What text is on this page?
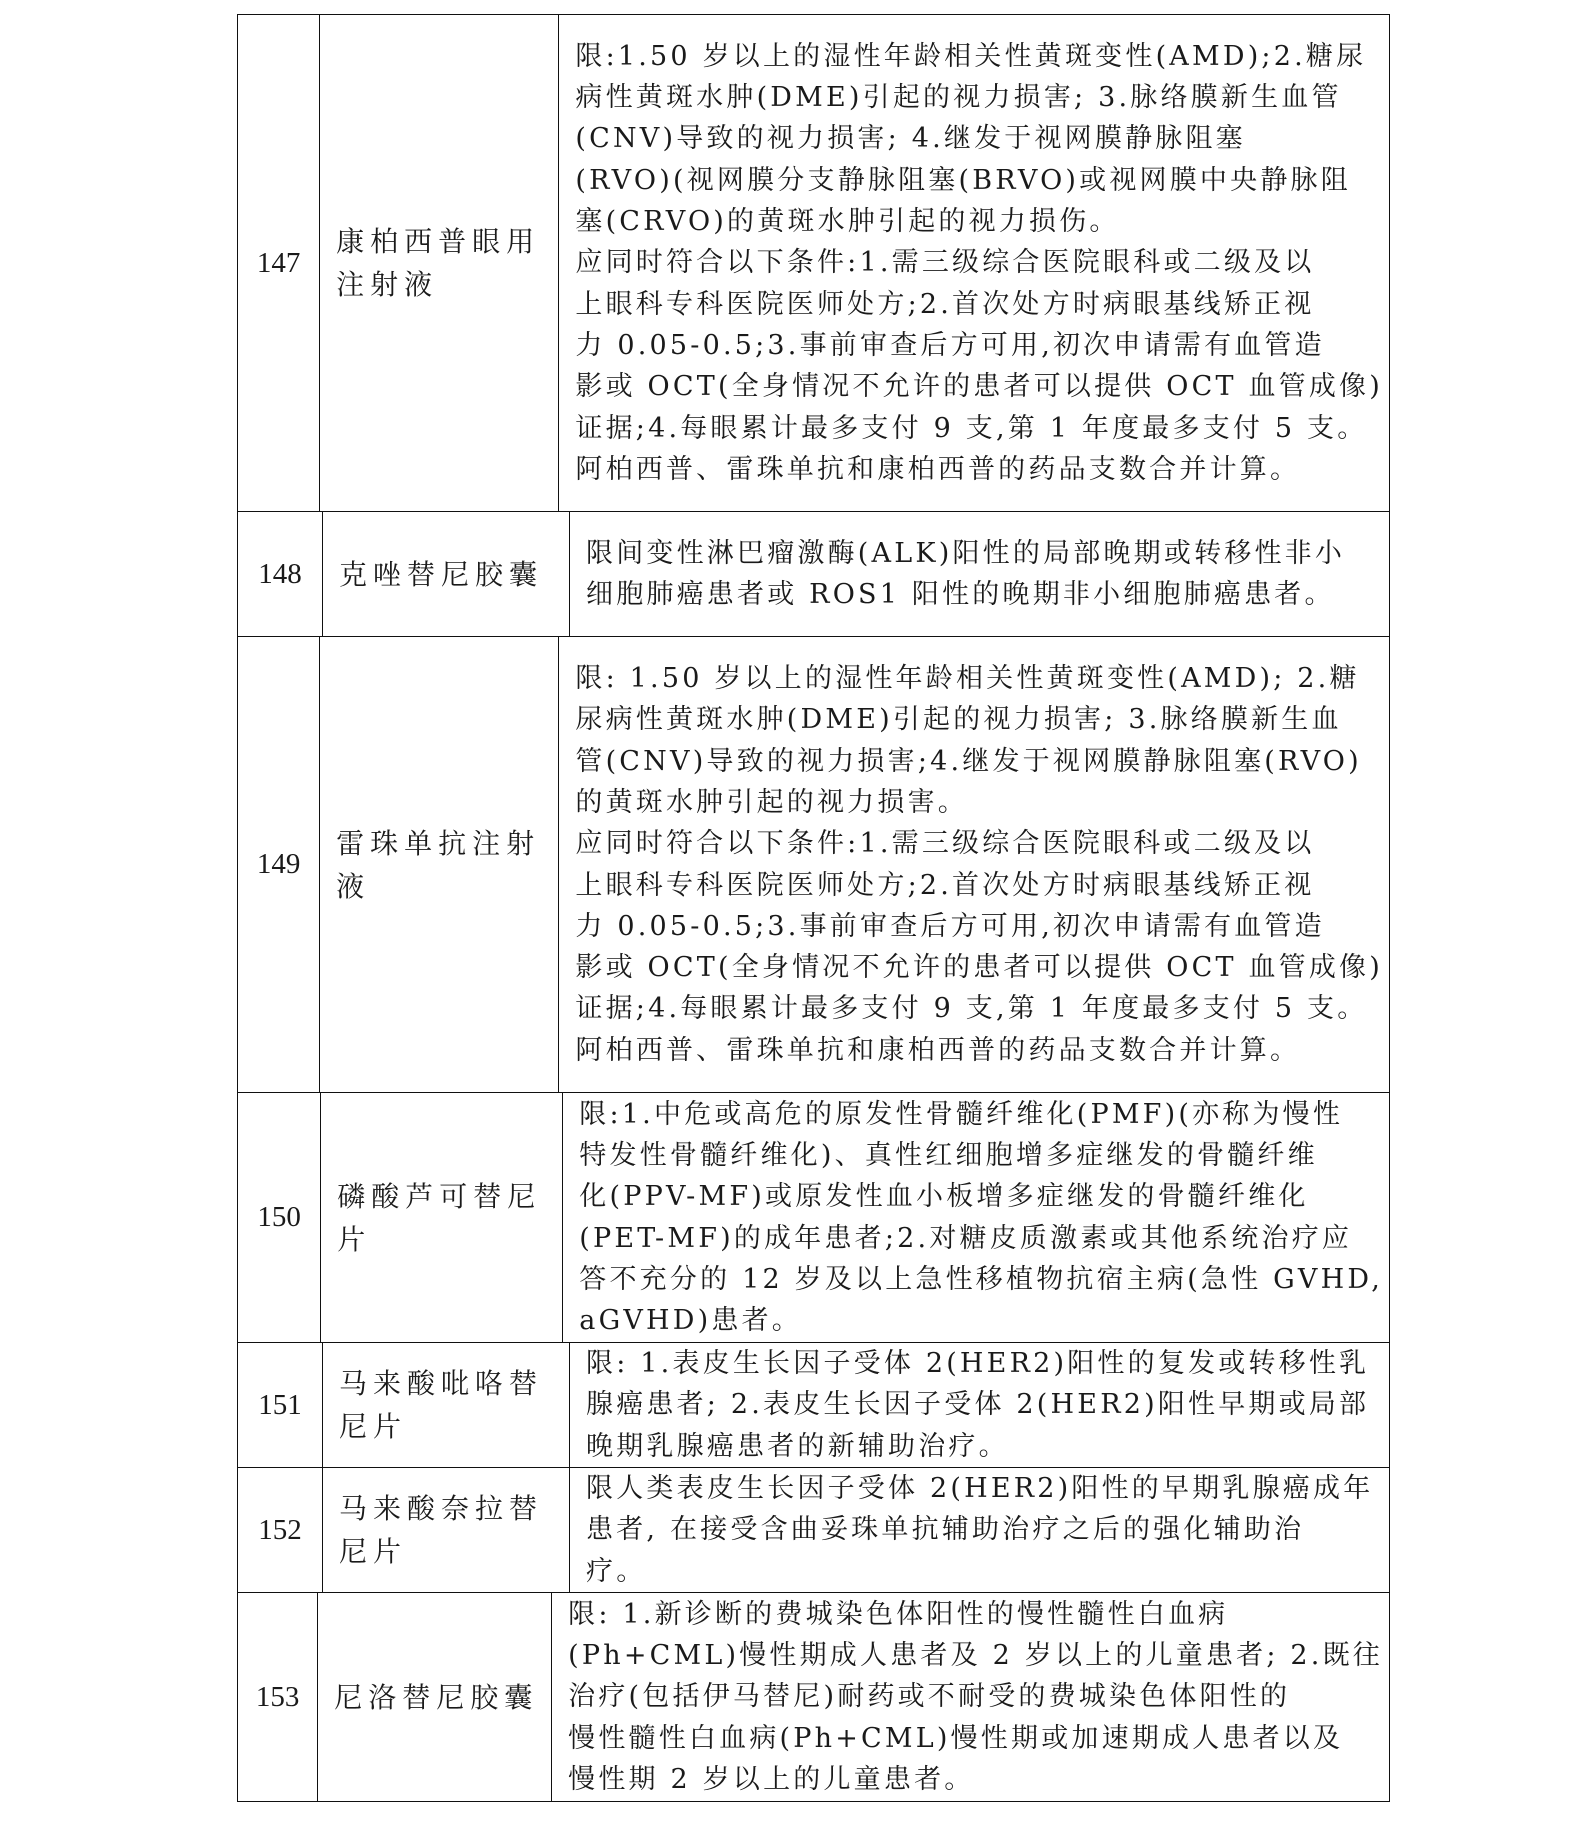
147
康柏西普眼用
注射液
限:1.50 岁以上的湿性年龄相关性黄斑变性(AMD);2.糖尿
病性黄斑水肿(DME)引起的视力损害; 3.脉络膜新生血管
(CNV)导致的视力损害; 4.继发于视网膜静脉阻塞
(RVO)(视网膜分支静脉阻塞(BRVO)或视网膜中央静脉阻
塞(CRVO)的黄斑水肿引起的视力损伤。
应同时符合以下条件:1.需三级综合医院眼科或二级及以
上眼科专科医院医师处方;2.首次处方时病眼基线矫正视
力 0.05-0.5;3.事前审查后方可用,初次申请需有血管造
影或 OCT(全身情况不允许的患者可以提供 OCT 血管成像)
证据;4.每眼累计最多支付 9 支,第 1 年度最多支付 5 支。
阿柏西普、雷珠单抗和康柏西普的药品支数合并计算。
148 克唑替尼胶囊
限间变性淋巴瘤激酶(ALK)阳性的局部晚期或转移性非小
细胞肺癌患者或 ROS1 阳性的晚期非小细胞肺癌患者。
149
雷珠单抗注射
液
限: 1.50 岁以上的湿性年龄相关性黄斑变性(AMD); 2.糖
尿病性黄斑水肿(DME)引起的视力损害; 3.脉络膜新生血
管(CNV)导致的视力损害;4.继发于视网膜静脉阻塞(RVO)
的黄斑水肿引起的视力损害。
应同时符合以下条件:1.需三级综合医院眼科或二级及以
上眼科专科医院医师处方;2.首次处方时病眼基线矫正视
力 0.05-0.5;3.事前审查后方可用,初次申请需有血管造
影或 OCT(全身情况不允许的患者可以提供 OCT 血管成像)
证据;4.每眼累计最多支付 9 支,第 1 年度最多支付 5 支。
阿柏西普、雷珠单抗和康柏西普的药品支数合并计算。
150
磷酸芦可替尼
片
限:1.中危或高危的原发性骨髓纤维化(PMF)(亦称为慢性
特发性骨髓纤维化)、真性红细胞增多症继发的骨髓纤维
化(PPV-MF)或原发性血小板增多症继发的骨髓纤维化
(PET-MF)的成年患者;2.对糖皮质激素或其他系统治疗应
答不充分的 12 岁及以上急性移植物抗宿主病(急性 GVHD,
aGVHD)患者。
151
马来酸吡咯替
尼片
限: 1.表皮生长因子受体 2(HER2)阳性的复发或转移性乳
腺癌患者; 2.表皮生长因子受体 2(HER2)阳性早期或局部
晚期乳腺癌患者的新辅助治疗。
152
马来酸奈拉替
尼片
限人类表皮生长因子受体 2(HER2)阳性的早期乳腺癌成年
患者, 在接受含曲妥珠单抗辅助治疗之后的强化辅助治
疗。
153 尼洛替尼胶囊
限: 1.新诊断的费城染色体阳性的慢性髓性白血病
(Ph+CML)慢性期成人患者及 2 岁以上的儿童患者; 2.既往
治疗(包括伊马替尼)耐药或不耐受的费城染色体阳性的
慢性髓性白血病(Ph+CML)慢性期或加速期成人患者以及
慢性期 2 岁以上的儿童患者。
